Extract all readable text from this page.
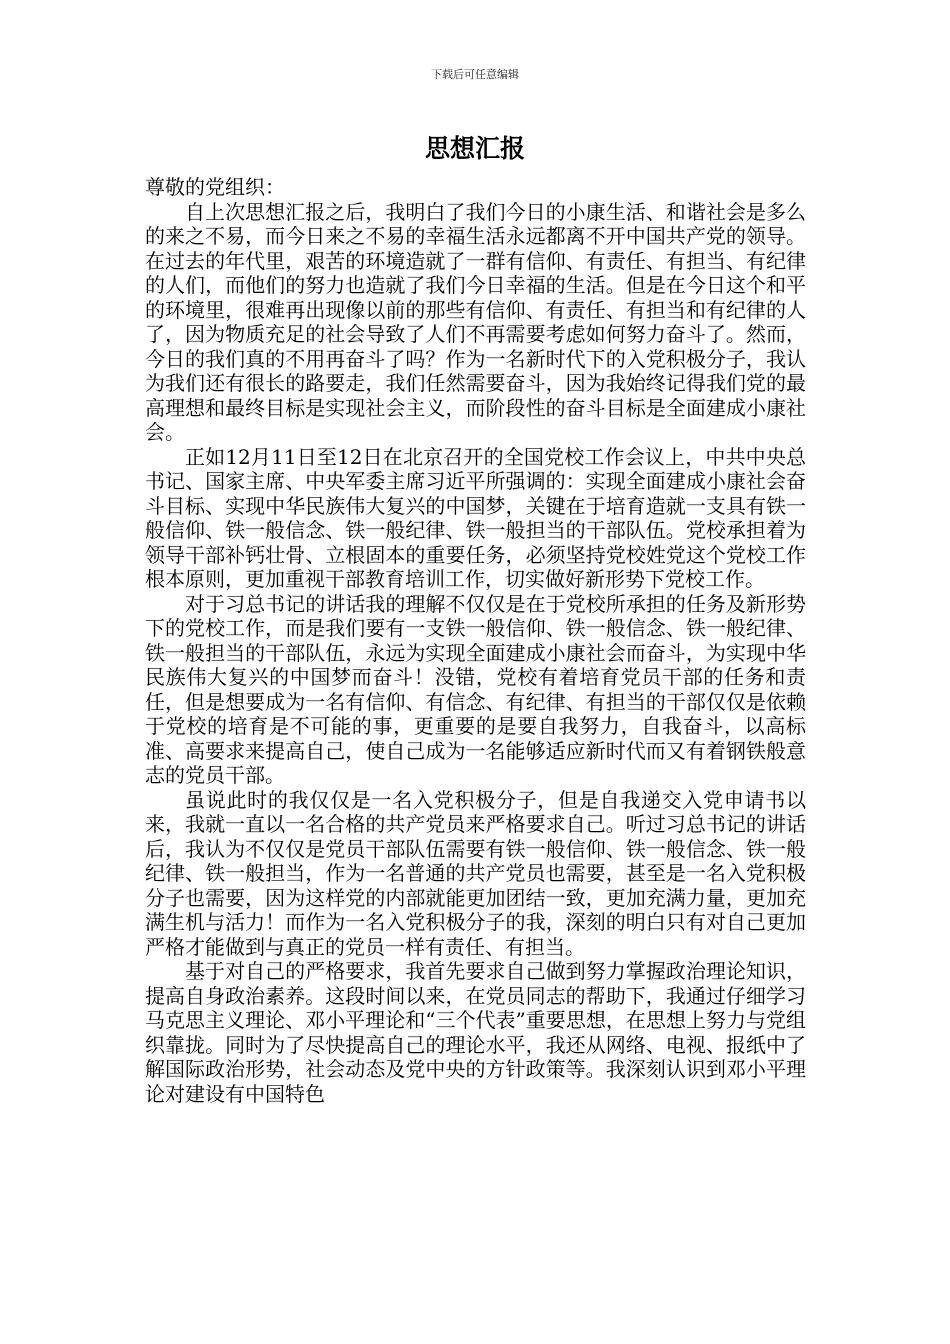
下载后可任意编辑
思想汇报

尊敬的党组织：

自上次思想汇报之后，我明白了我们今日的小康生活、和谐社会是多么的来之不易，而今日来之不易的幸福生活永远都离不开中国共产党的领导。在过去的年代里，艰苦的环境造就了一群有信仰、有责任、有担当、有纪律的人们，而他们的努力也造就了我们今日幸福的生活。但是在今日这个和平的环境里，很难再出现像以前的那些有信仰、有责任、有担当和有纪律的人了，因为物质充足的社会导致了人们不再需要考虑如何努力奋斗了。然而，今日的我们真的不用再奋斗了吗？作为一名新时代下的入党积极分子，我认为我们还有很长的路要走，我们任然需要奋斗，因为我始终记得我们党的最高理想和最终目标是实现社会主义，而阶段性的奋斗目标是全面建成小康社会。

正如12月11日至12日在北京召开的全国党校工作会议上，中共中央总书记、国家主席、中央军委主席习近平所强调的：实现全面建成小康社会奋斗目标、实现中华民族伟大复兴的中国梦，关键在于培育造就一支具有铁一般信仰、铁一般信念、铁一般纪律、铁一般担当的干部队伍。党校承担着为领导干部补钙壮骨、立根固本的重要任务，必须坚持党校姓党这个党校工作根本原则，更加重视干部教育培训工作，切实做好新形势下党校工作。

对于习总书记的讲话我的理解不仅仅是在于党校所承担的任务及新形势下的党校工作，而是我们要有一支铁一般信仰、铁一般信念、铁一般纪律、铁一般担当的干部队伍，永远为实现全面建成小康社会而奋斗，为实现中华民族伟大复兴的中国梦而奋斗！没错，党校有着培育党员干部的任务和责任，但是想要成为一名有信仰、有信念、有纪律、有担当的干部仅仅是依赖于党校的培育是不可能的事，更重要的是要自我努力，自我奋斗，以高标准、高要求来提高自己，使自己成为一名能够适应新时代而又有着钢铁般意志的党员干部。

虽说此时的我仅仅是一名入党积极分子，但是自我递交入党申请书以来，我就一直以一名合格的共产党员来严格要求自己。听过习总书记的讲话后，我认为不仅仅是党员干部队伍需要有铁一般信仰、铁一般信念、铁一般纪律、铁一般担当，作为一名普通的共产党员也需要，甚至是一名入党积极分子也需要，因为这样党的内部就能更加团结一致，更加充满力量，更加充满生机与活力！而作为一名入党积极分子的我，深刻的明白只有对自己更加严格才能做到与真正的党员一样有责任、有担当。

基于对自己的严格要求，我首先要求自己做到努力掌握政治理论知识，提高自身政治素养。这段时间以来，在党员同志的帮助下，我通过仔细学习马克思主义理论、邓小平理论和“三个代表”重要思想，在思想上努力与党组织靠拢。同时为了尽快提高自己的理论水平，我还从网络、电视、报纸中了解国际政治形势，社会动态及党中央的方针政策等。我深刻认识到邓小平理论对建设有中国特色
